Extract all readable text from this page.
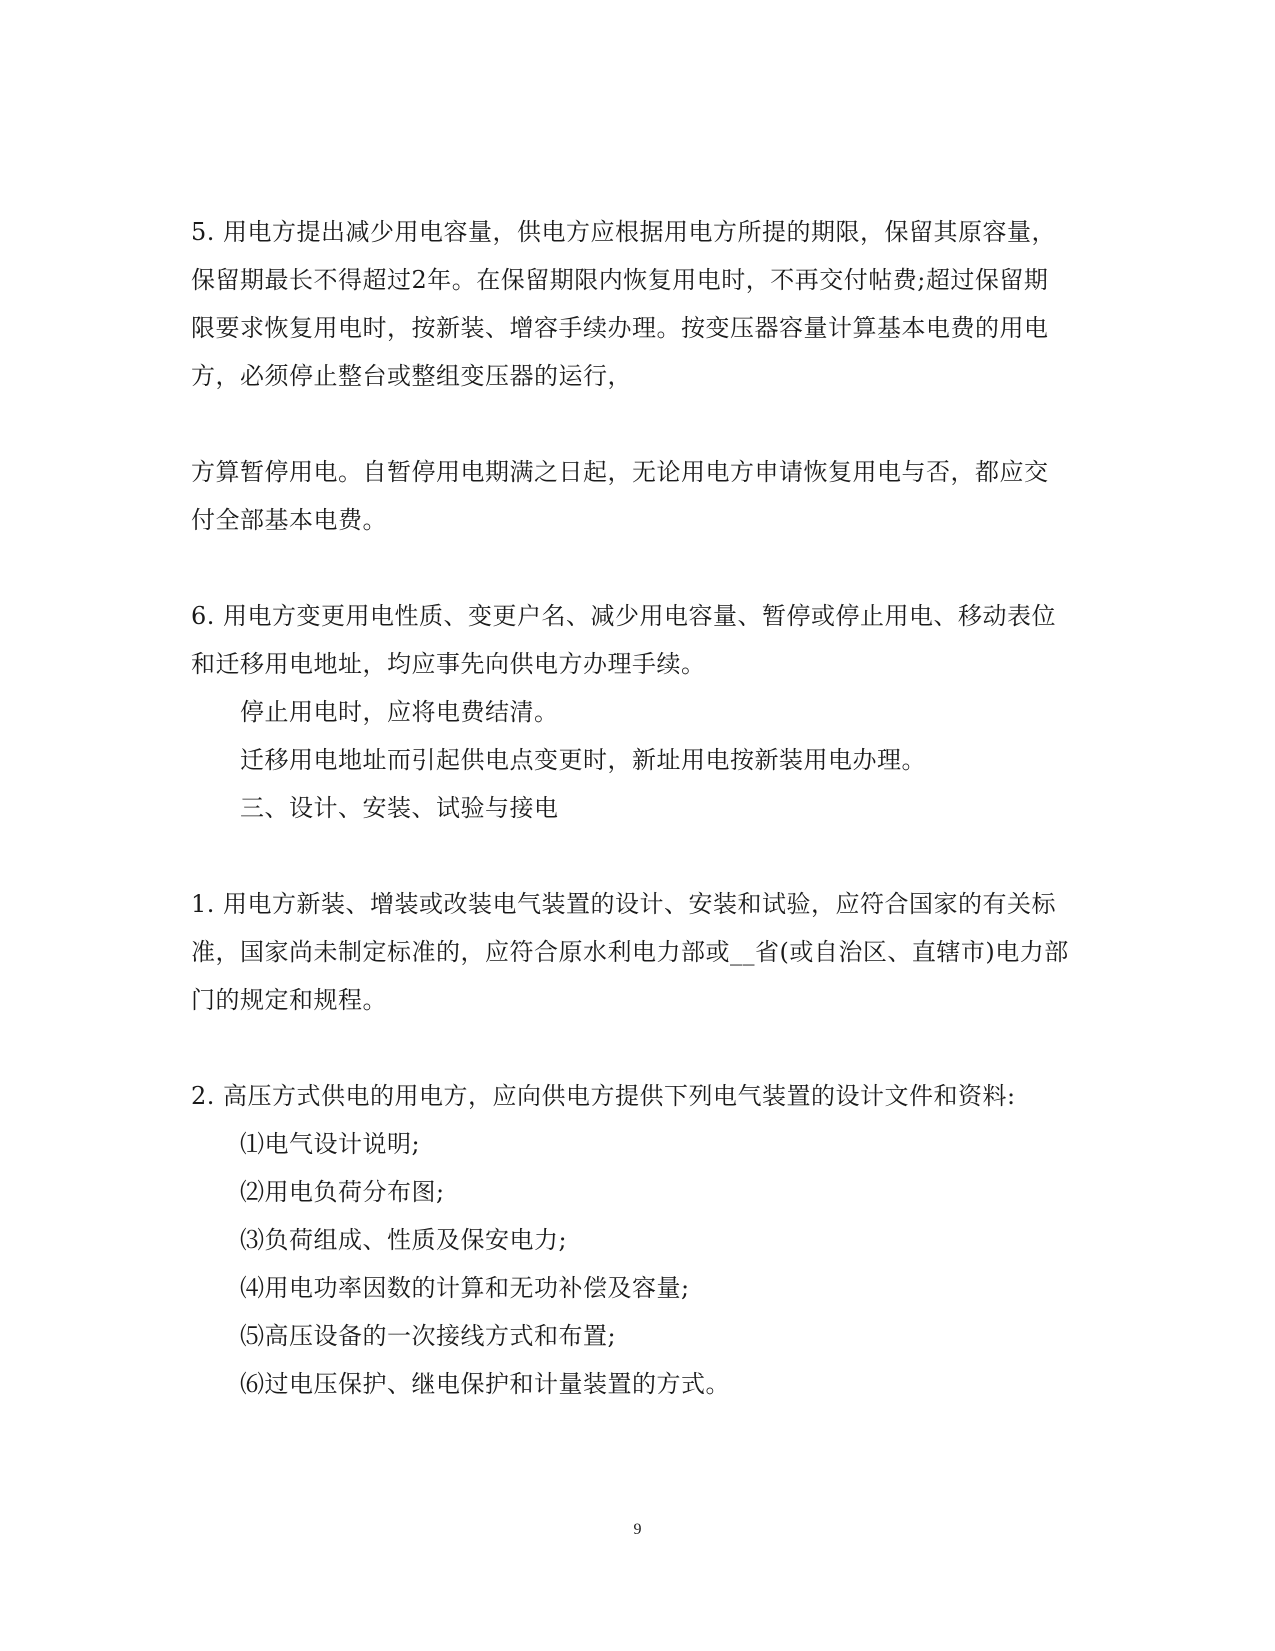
5. 用电方提出减少用电容量，供电方应根据用电方所提的期限，保留其原容量，保留期最长不得超过2年。在保留期限内恢复用电时，不再交付帖费;超过保留期限要求恢复用电时，按新装、增容手续办理。按变压器容量计算基本电费的用电方，必须停止整台或整组变压器的运行，

方算暂停用电。自暂停用电期满之日起，无论用电方申请恢复用电与否，都应交付全部基本电费。

6. 用电方变更用电性质、变更户名、减少用电容量、暂停或停止用电、移动表位和迁移用电地址，均应事先向供电方办理手续。

停止用电时，应将电费结清。

迁移用电地址而引起供电点变更时，新址用电按新装用电办理。

三、设计、安装、试验与接电

1. 用电方新装、增装或改装电气装置的设计、安装和试验，应符合国家的有关标准，国家尚未制定标准的，应符合原水利电力部或__省(或自治区、直辖市)电力部门的规定和规程。

2. 高压方式供电的用电方，应向供电方提供下列电气装置的设计文件和资料:

⑴电气设计说明;

⑵用电负荷分布图;

⑶负荷组成、性质及保安电力;

⑷用电功率因数的计算和无功补偿及容量;

⑸高压设备的一次接线方式和布置;

⑹过电压保护、继电保护和计量装置的方式。

9
